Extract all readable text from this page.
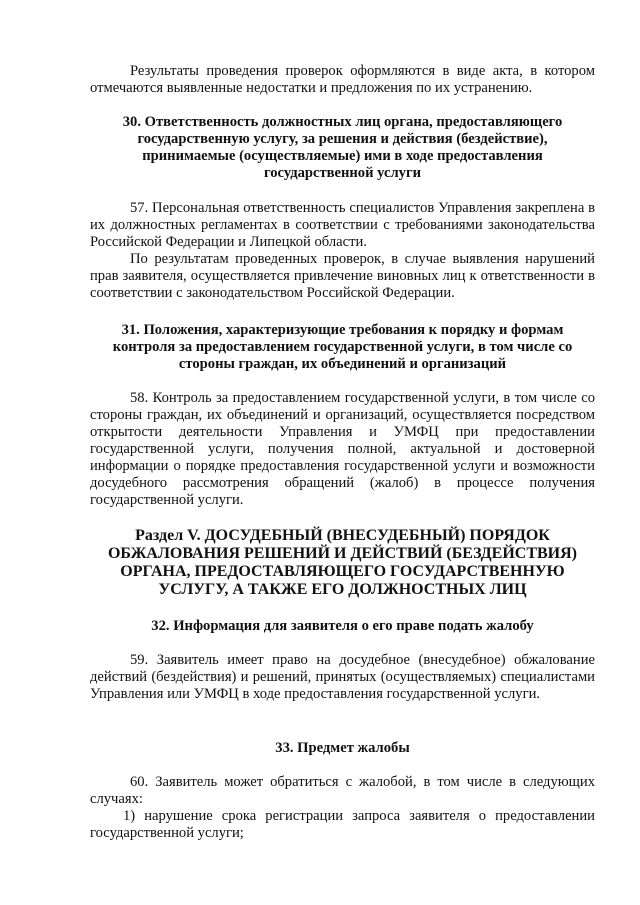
Результаты проведения проверок оформляются в виде акта, в котором отмечаются выявленные недостатки и предложения по их устранению.

30. Ответственность должностных лиц органа, предоставляющего государственную услугу, за решения и действия (бездействие), принимаемые (осуществляемые) ими в ходе предоставления государственной услуги

57. Персональная ответственность специалистов Управления закреплена в их должностных регламентах в соответствии с требованиями законодательства Российской Федерации и Липецкой области.

По результатам проведенных проверок, в случае выявления нарушений прав заявителя, осуществляется привлечение виновных лиц к ответственности в соответствии с законодательством Российской Федерации.

31. Положения, характеризующие требования к порядку и формам контроля за предоставлением государственной услуги, в том числе со стороны граждан, их объединений и организаций

58. Контроль за предоставлением государственной услуги, в том числе со стороны граждан, их объединений и организаций, осуществляется посредством открытости деятельности Управления и УМФЦ при предоставлении государственной услуги, получения полной, актуальной и достоверной информации о порядке предоставления государственной услуги и возможности досудебного рассмотрения обращений (жалоб) в процессе получения государственной услуги.

Раздел V. ДОСУДЕБНЫЙ (ВНЕСУДЕБНЫЙ) ПОРЯДОК ОБЖАЛОВАНИЯ РЕШЕНИЙ И ДЕЙСТВИЙ (БЕЗДЕЙСТВИЯ) ОРГАНА, ПРЕДОСТАВЛЯЮЩЕГО ГОСУДАРСТВЕННУЮ УСЛУГУ, А ТАКЖЕ ЕГО ДОЛЖНОСТНЫХ ЛИЦ

32. Информация для заявителя о его праве подать жалобу

59. Заявитель имеет право на досудебное (внесудебное) обжалование действий (бездействия) и решений, принятых (осуществляемых) специалистами Управления или УМФЦ в ходе предоставления государственной услуги.

33. Предмет жалобы

60. Заявитель может обратиться с жалобой, в том числе в следующих случаях:

1) нарушение срока регистрации запроса заявителя о предоставлении государственной услуги;
